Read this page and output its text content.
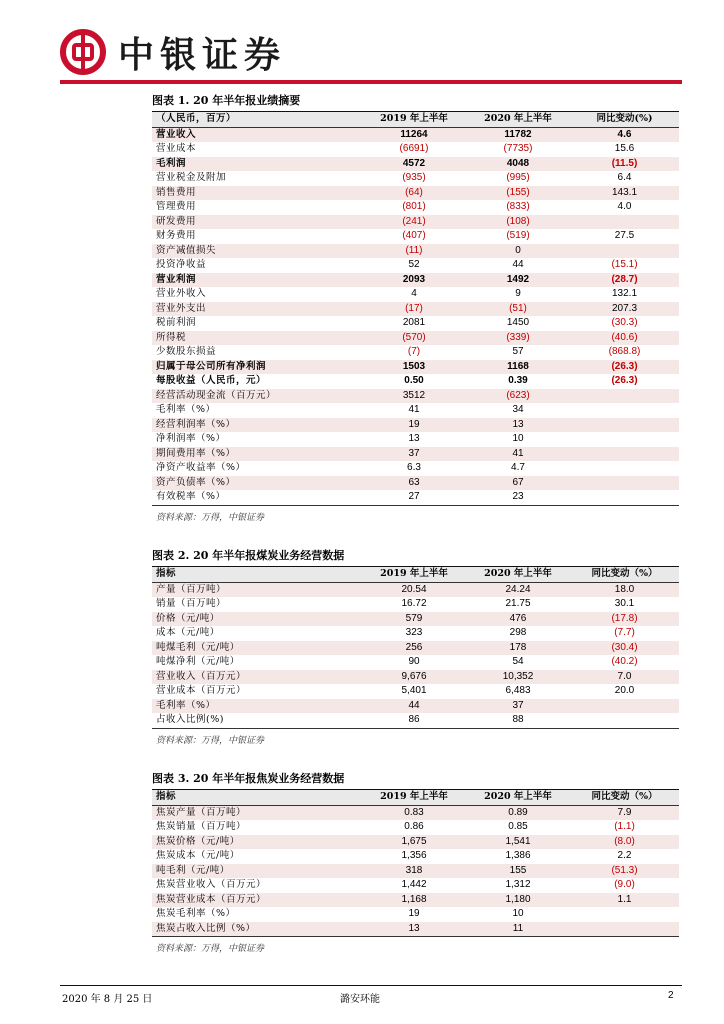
中银证券
图表 1. 20 年半年报业绩摘要
（人民币，百万）	2019 年上半年	2020 年上半年	同比变动(%)
营业收入	11264	11782	4.6
营业成本	(6691)	(7735)	15.6
毛利润	4572	4048	(11.5)
营业税金及附加	(935)	(995)	6.4
销售费用	(64)	(155)	143.1
管理费用	(801)	(833)	4.0
研发费用	(241)	(108)	
财务费用	(407)	(519)	27.5
资产减值损失	(11)	0	
投资净收益	52	44	(15.1)
营业利润	2093	1492	(28.7)
营业外收入	4	9	132.1
营业外支出	(17)	(51)	207.3
税前利润	2081	1450	(30.3)
所得税	(570)	(339)	(40.6)
少数股东损益	(7)	57	(868.8)
归属于母公司所有净利润	1503	1168	(26.3)
每股收益（人民币，元）	0.50	0.39	(26.3)
经营活动现金流（百万元）	3512	(623)	
毛利率（%）	41	34	
经营利润率（%）	19	13	
净利润率（%）	13	10	
期间费用率（%）	37	41	
净资产收益率（%）	6.3	4.7	
资产负债率（%）	63	67	
有效税率（%）	27	23	
资料来源：万得，中银证券
图表 2. 20 年半年报煤炭业务经营数据
指标	2019 年上半年	2020 年上半年	同比变动（%）
产量（百万吨）	20.54	24.24	18.0
销量（百万吨）	16.72	21.75	30.1
价格（元/吨）	579	476	(17.8)
成本（元/吨）	323	298	(7.7)
吨煤毛利（元/吨）	256	178	(30.4)
吨煤净利（元/吨）	90	54	(40.2)
营业收入（百万元）	9,676	10,352	7.0
营业成本（百万元）	5,401	6,483	20.0
毛利率（%）	44	37	
占收入比例(%)	86	88	
资料来源：万得，中银证券
图表 3. 20 年半年报焦炭业务经营数据
指标	2019 年上半年	2020 年上半年	同比变动（%）
焦炭产量（百万吨）	0.83	0.89	7.9
焦炭销量（百万吨）	0.86	0.85	(1.1)
焦炭价格（元/吨）	1,675	1,541	(8.0)
焦炭成本（元/吨）	1,356	1,386	2.2
吨毛利（元/吨）	318	155	(51.3)
焦炭营业收入（百万元）	1,442	1,312	(9.0)
焦炭营业成本（百万元）	1,168	1,180	1.1
焦炭毛利率（%）	19	10	
焦炭占收入比例（%）	13	11	
资料来源：万得，中银证券
2020 年 8 月 25 日	潞安环能	2
